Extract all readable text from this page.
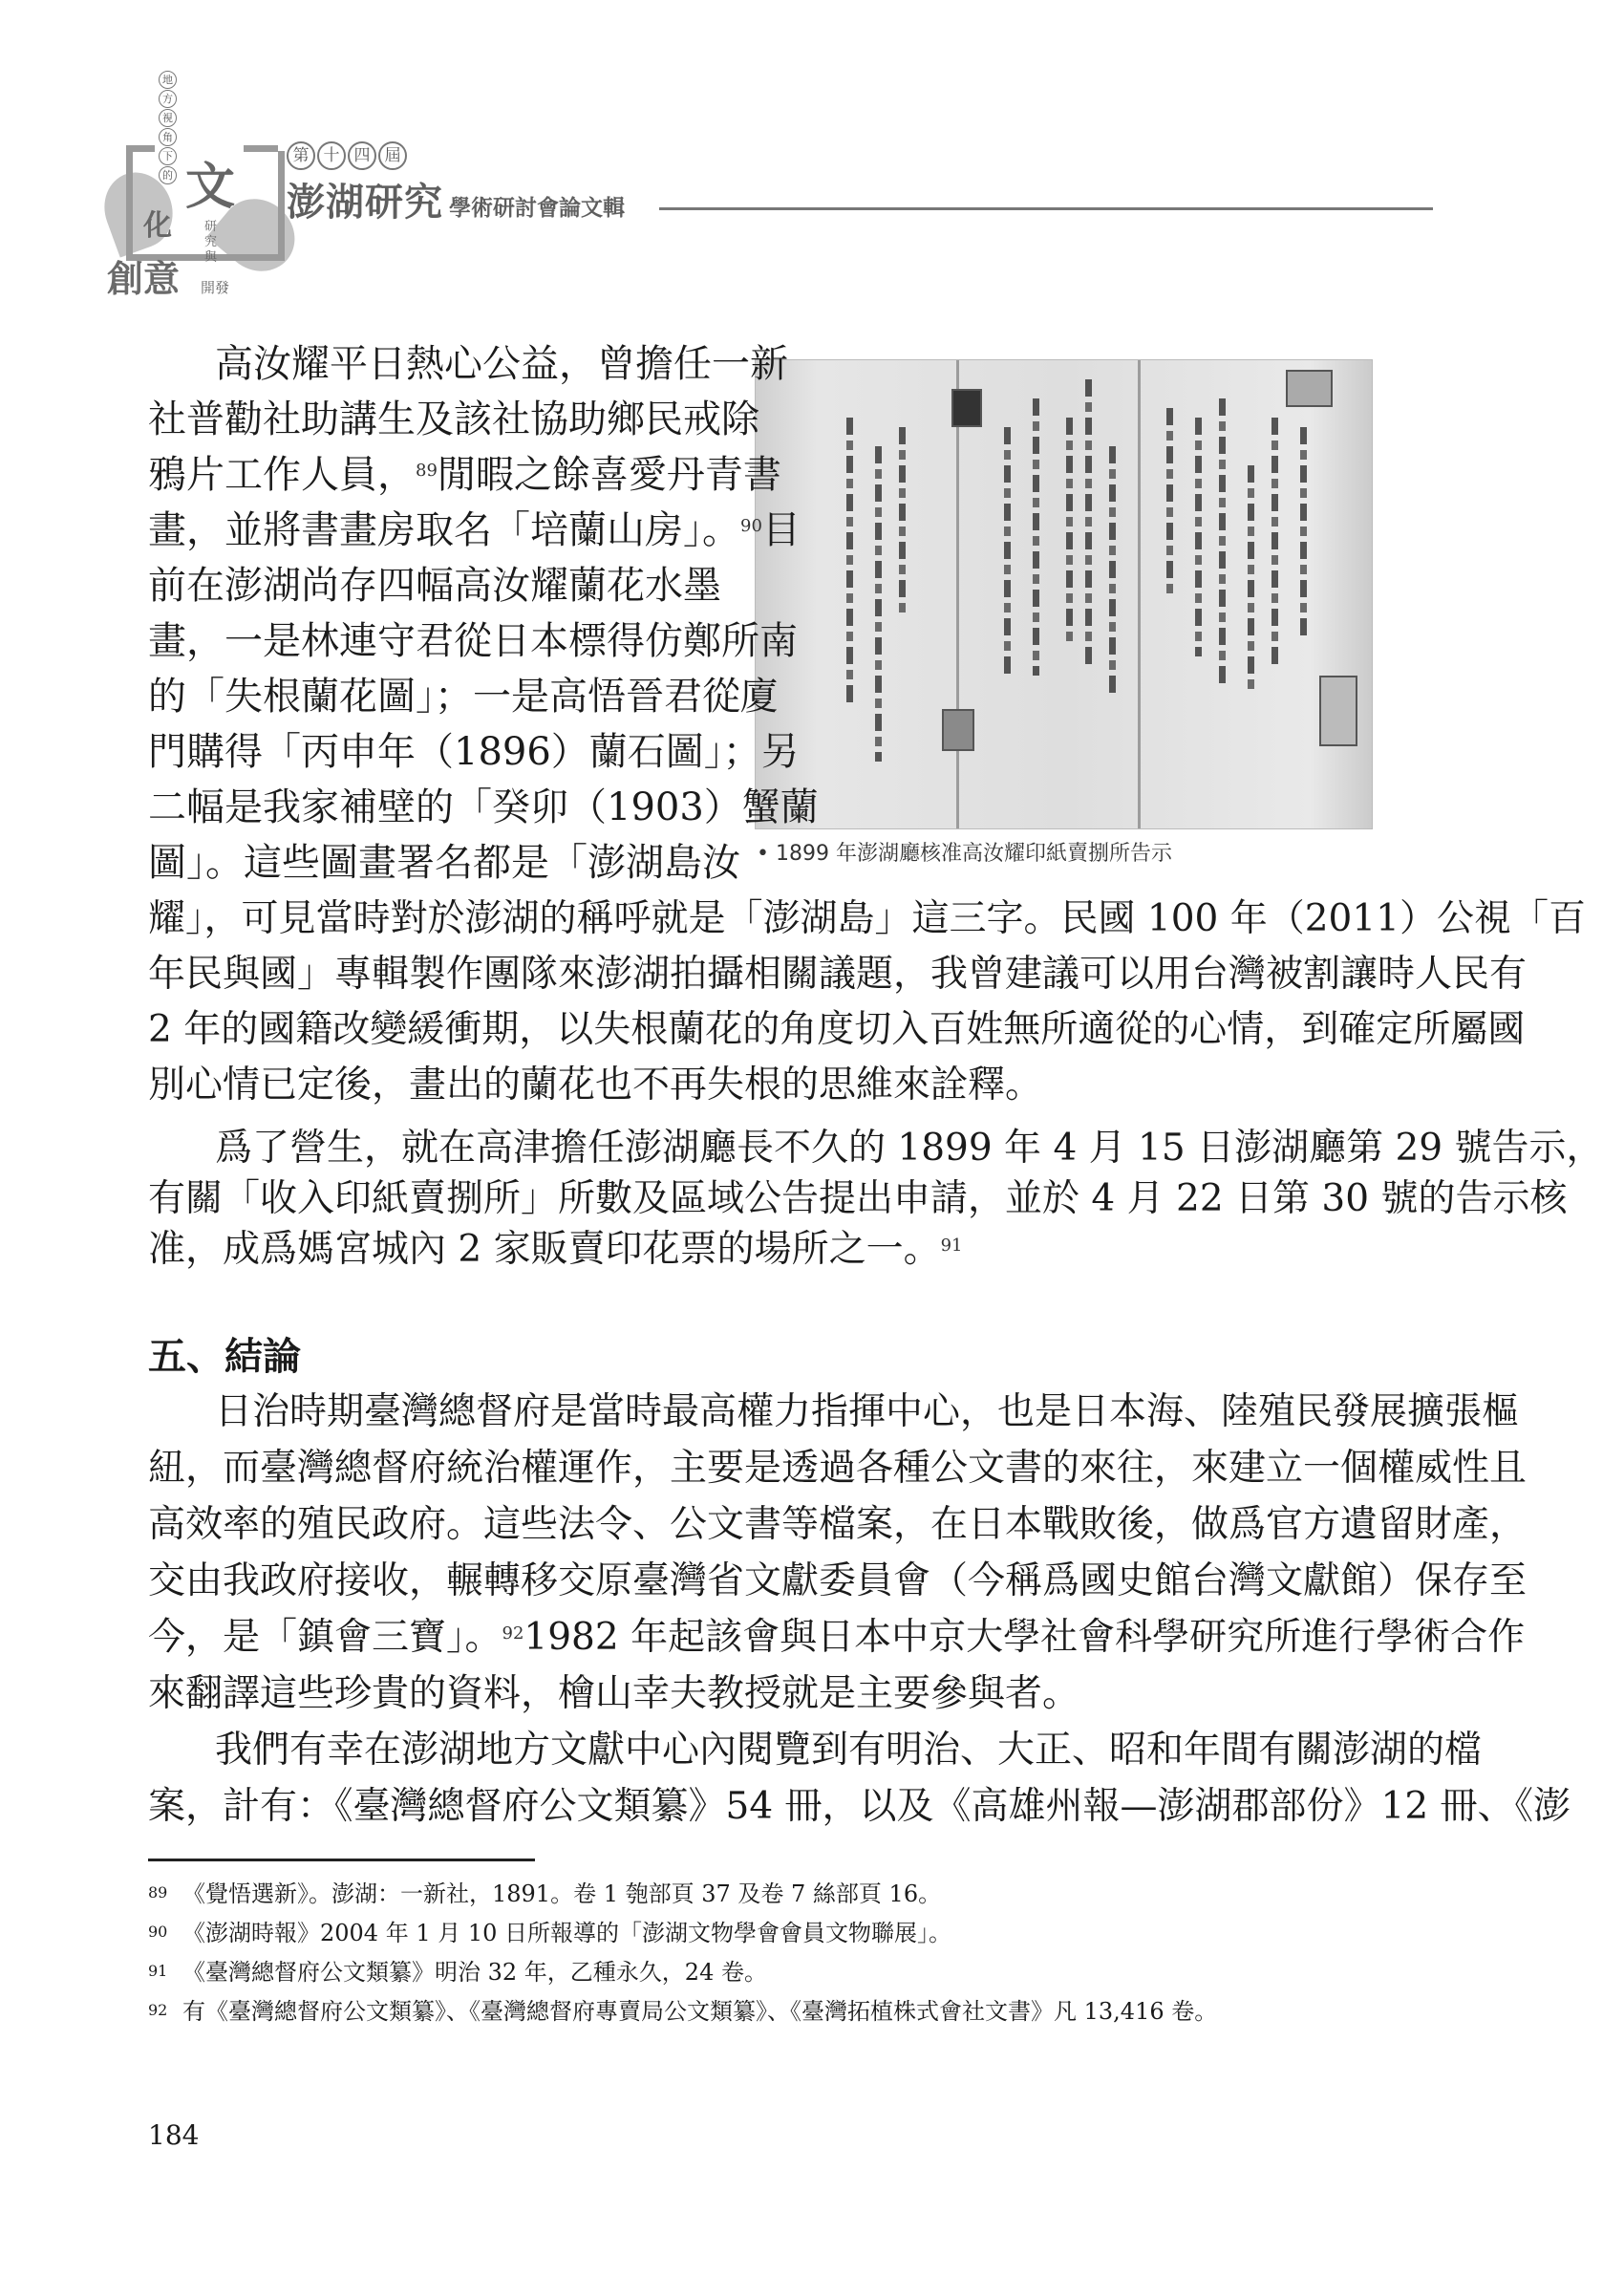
地
方
視
角
下
的 文
化	研究與
創意 開發
第 十 四 屆
澎湖研究 學術研討會論文輯
• 1899 年澎湖廳核准高汝耀印紙賣捌所告示
高汝耀平日熱心公益，曾擔任一新
社普勸社助講生及該社協助鄉民戒除
鴉片工作人員，$^{89}$閒暇之餘喜愛丹青書
畫，並將書畫房取名「培蘭山房」。$^{90}$目
前在澎湖尚存四幅高汝耀蘭花水墨
畫，一是林連守君從日本標得仿鄭所南
的「失根蘭花圖」；一是高悟晉君從廈
門購得「丙申年（1896）蘭石圖」；另
二幅是我家補壁的「癸卯（1903）蟹蘭
圖」。這些圖畫署名都是「澎湖島汝
耀」，可見當時對於澎湖的稱呼就是「澎湖島」這三字。民國 100 年（2011）公視「百
年民與國」專輯製作團隊來澎湖拍攝相關議題，我曾建議可以用台灣被割讓時人民有
2 年的國籍改變緩衝期，以失根蘭花的角度切入百姓無所適從的心情，到確定所屬國
別心情已定後，畫出的蘭花也不再失根的思維來詮釋。
爲了營生，就在高津擔任澎湖廳長不久的 1899 年 4 月 15 日澎湖廳第 29 號告示，
有關「收入印紙賣捌所」所數及區域公告提出申請，並於 4 月 22 日第 30 號的告示核
准，成爲媽宮城內 2 家販賣印花票的場所之一。$^{91}$
五、結論
日治時期臺灣總督府是當時最高權力指揮中心，也是日本海、陸殖民發展擴張樞
紐，而臺灣總督府統治權運作，主要是透過各種公文書的來往，來建立一個權威性且
高效率的殖民政府。這些法令、公文書等檔案，在日本戰敗後，做爲官方遺留財產，
交由我政府接收，輾轉移交原臺灣省文獻委員會（今稱爲國史館台灣文獻館）保存至
今，是「鎮會三寶」。$^{92}$1982 年起該會與日本中京大學社會科學研究所進行學術合作
來翻譯這些珍貴的資料，檜山幸夫教授就是主要參與者。
我們有幸在澎湖地方文獻中心內閱覽到有明治、大正、昭和年間有關澎湖的檔
案，計有：《臺灣總督府公文類纂》54 冊，以及《高雄州報—澎湖郡部份》12 冊、《澎
89 《覺悟選新》。澎湖：一新社，1891。卷 1 匏部頁 37 及卷 7 絲部頁 16。
90 《澎湖時報》2004 年 1 月 10 日所報導的「澎湖文物學會會員文物聯展」。
91 《臺灣總督府公文類纂》明治 32 年，乙種永久，24 卷。
92 有《臺灣總督府公文類纂》、《臺灣總督府專賣局公文類纂》、《臺灣拓植株式會社文書》凡 13,416 卷。
184
